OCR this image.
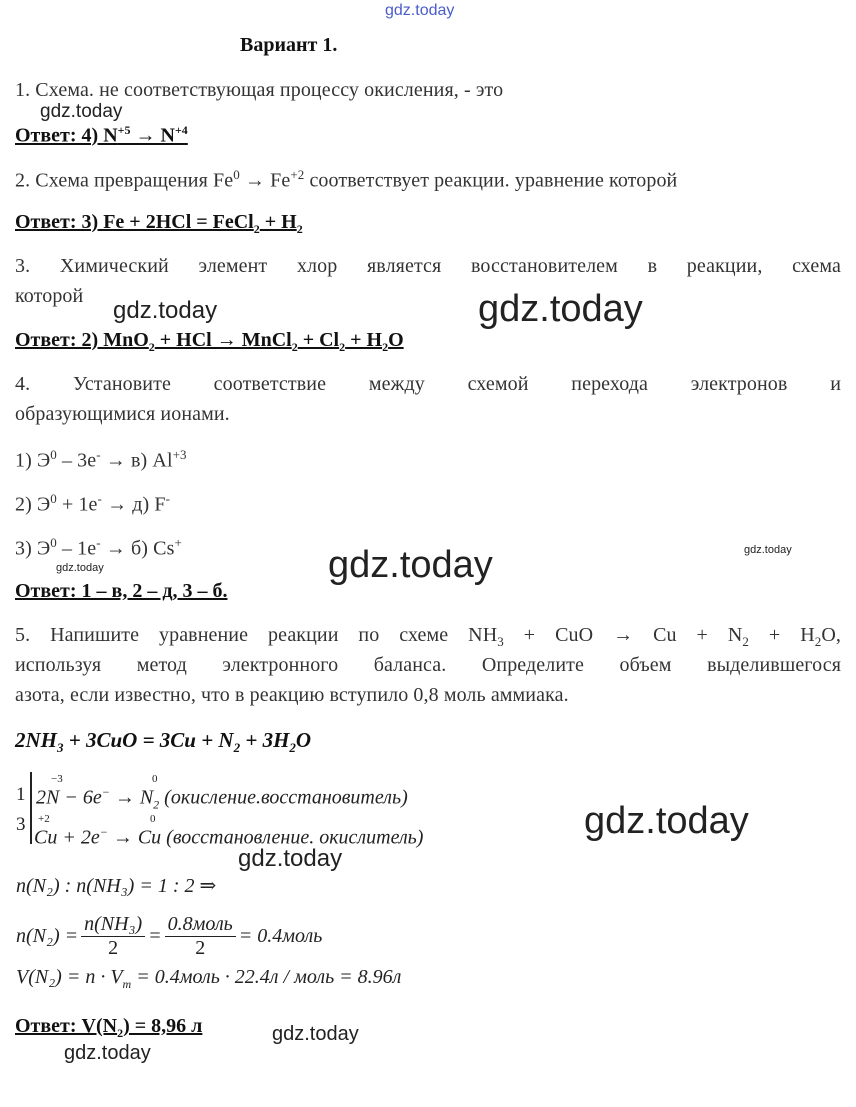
gdz.today
gdz.today
gdz.today	gdz.today
gdz.today	gdz.today
gdz.today
gdz.today
gdz.today
gdz.today
gdz.today
Вариант 1.
1. Схема. не соответствующая процессу окисления, - это
Ответ: 4) $N^{+5} \to N^{+4}$
2. Схема превращения $Fe^0 \to Fe^{+2}$ соответствует реакции. уравнение которой
Ответ: 3) Fe + 2HCl = FeCl$_2$ + $H_2$
3. Химический элемент хлор является восстановителем в реакции, схема
которой
Ответ: 2) MnO$_2$ + HCl → MnCl$_2$ + $Cl_2 + H_2O$
4. Установите соответствие между схемой перехода электронов и
образующимися ионами.
1) $Э^0 - 3e^- \to в$) $Al^{+3}$
2) $Э^0 + 1e^- \to д$) F-
3) $Э^0 - 1e^- \to б$) Cs+
Ответ: 1 – в, 2 – д, 3 – б.
5. Напишите уравнение реакции по схеме $NH_3$ + CuO → $Cu + N_2 + H_2O$,
используя метод электронного баланса. Определите объем выделившегося
азота, если известно, что в реакцию вступило 0,8 моль аммиака.
$2NH_3 + 3CuO = 3Cu + N_2 + 3H_2O$
1
3
−3
$2N - 6e^- \to N_2$
0
(окисление.восстановитель)
+2
Cu + 2e− → Cu
0
(восстановление. окислитель)
n(N₂) : n(NH₃) = 1 : 2 ⇒
$n(N_2) = \frac{\text{n(NH₃)}}{2} = \frac{\text{0.8моль}}{2}$ = 0.4моль
$V(N_2) = n \cdot V_m$ = 0.4моль · 22.4л / моль = 8.96л
Ответ: $V(N_2) = 8,96$ л
